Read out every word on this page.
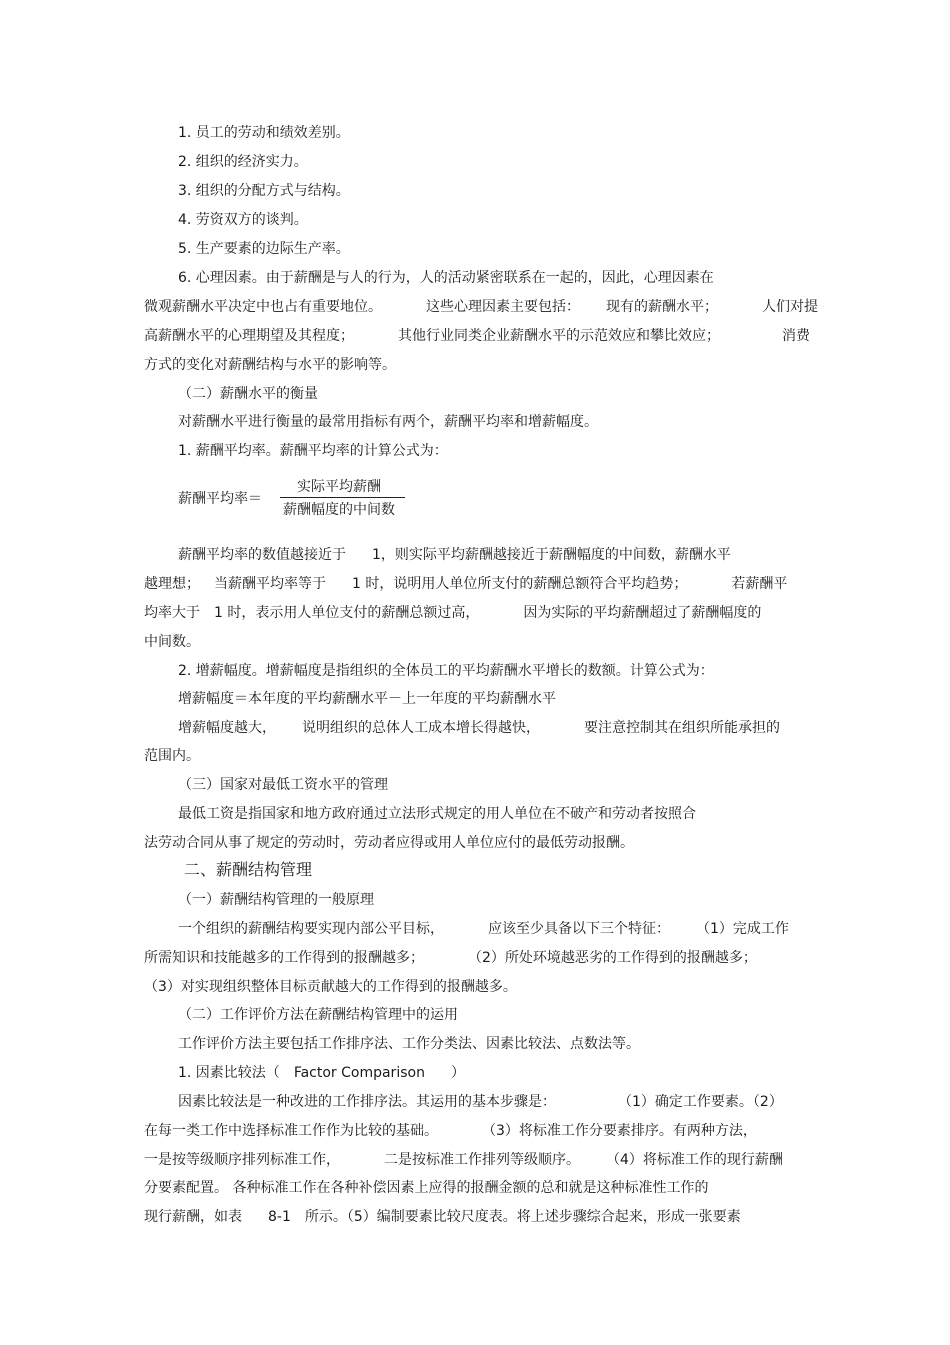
1. 员工的劳动和绩效差别。
2. 组织的经济实力。
3. 组织的分配方式与结构。
4. 劳资双方的谈判。
5. 生产要素的边际生产率。
6. 心理因素。由于薪酬是与人的行为，人的活动紧密联系在一起的，因此，心理因素在
微观薪酬水平决定中也占有重要地位。	这些心理因素主要包括： 现有的薪酬水平；	人们对提
高薪酬水平的心理期望及其程度；	其他行业同类企业薪酬水平的示范效应和攀比效应；	消费
方式的变化对薪酬结构与水平的影响等。
（二）薪酬水平的衡量
对薪酬水平进行衡量的最常用指标有两个，薪酬平均率和增薪幅度。
1. 薪酬平均率。薪酬平均率的计算公式为：
薪酬平均率＝
实际平均薪酬
薪酬幅度的中间数
薪酬平均率的数值越接近于 1，则实际平均薪酬越接近于薪酬幅度的中间数，薪酬水平
越理想； 当薪酬平均率等于 1 时，说明用人单位所支付的薪酬总额符合平均趋势；	若薪酬平
均率大于 1 时，表示用人单位支付的薪酬总额过高，	因为实际的平均薪酬超过了薪酬幅度的
中间数。
2. 增薪幅度。增薪幅度是指组织的全体员工的平均薪酬水平增长的数额。计算公式为：
增薪幅度＝本年度的平均薪酬水平－上一年度的平均薪酬水平
增薪幅度越大， 说明组织的总体人工成本增长得越快，	要注意控制其在组织所能承担的
范围内。
（三）国家对最低工资水平的管理
最低工资是指国家和地方政府通过立法形式规定的用人单位在不破产和劳动者按照合
法劳动合同从事了规定的劳动时，劳动者应得或用人单位应付的最低劳动报酬。
二、薪酬结构管理
（一）薪酬结构管理的一般原理
一个组织的薪酬结构要实现内部公平目标，	应该至少具备以下三个特征： （1）完成工作
所需知识和技能越多的工作得到的报酬越多；	（2）所处环境越恶劣的工作得到的报酬越多；
（3）对实现组织整体目标贡献越大的工作得到的报酬越多。
（二）工作评价方法在薪酬结构管理中的运用
工作评价方法主要包括工作排序法、工作分类法、因素比较法、点数法等。
1. 因素比较法（ Factor Comparison ）
因素比较法是一种改进的工作排序法。其运用的基本步骤是：	（1）确定工作要素。（2）
在每一类工作中选择标准工作作为比较的基础。	（3）将标准工作分要素排序。有两种方法，
一是按等级顺序排列标准工作，	二是按标准工作排列等级顺序。 （4）将标准工作的现行薪酬
分要素配置。 各种标准工作在各种补偿因素上应得的报酬金额的总和就是这种标准性工作的
现行薪酬，如表 8-1 所示。（5）编制要素比较尺度表。将上述步骤综合起来，形成一张要素
